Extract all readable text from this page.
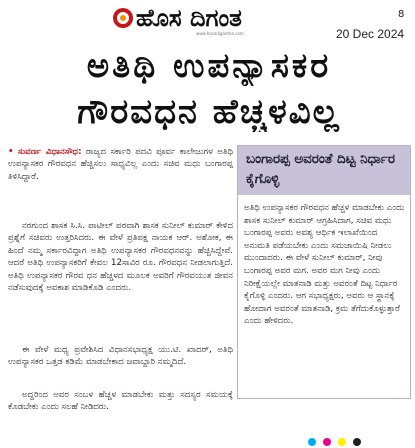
ಹೊಸ ದಿಗಂತ
www.hosadigantha.com
8
20 Dec 2024
ಅತಿಥಿ ಉಪನ್ಯಾಸಕರ
ಗೌರವಧನ ಹೆಚ್ಚಳವಿಲ್ಲ
• ಸುವರ್ಣ ವಿಧಾನಸೌಧ: ರಾಜ್ಯದ ಸರ್ಕಾರಿ ಪದವಿ ಪೂರ್ವ ಕಾಲೇಜುಗಳ ಅತಿಥಿ ಉಪನ್ಯಾಸಕರ ಗೌರವಧನ ಹೆಚ್ಚಿಸಲು ಸಾಧ್ಯವಿಲ್ಲ ಎಂದು ಸಚಿವ ಮಧು ಬಂಗಾರಪ್ಪ ತಿಳಿಸಿದ್ದಾರೆ.

ನರಗುಂದ ಶಾಸಕ ಸಿ.ಸಿ. ಪಾಟೀಲ್ ಪರವಾಗಿ ಶಾಸಕ ಸುನೀಲ್ ಕುಮಾರ್ ಕೇಳಿದ ಪ್ರಶ್ನೆಗೆ ಸಚಿವರು ಉತ್ತರಿಸಿದರು. ಈ ವೇಳೆ ಪ್ರತಿಪಕ್ಷ ನಾಯಕ ಆರ್. ಅಶೋಕ, ಈ ಹಿಂದೆ ನಮ್ಮ ಸರ್ಕಾರವಿದ್ದಾಗ ಅತಿಥಿ ಉಪನ್ಯಾಸಕರ ಗೌರವಧನವನ್ನು ಹೆಚ್ಚಿಸಿದ್ದೇವೆ. ಆದರೆ ಅತಿಥಿ ಉಪನ್ಯಾಸಕರಿಗೆ ಕೇವಲ 12ಸಾವಿರ ರೂ. ಗೌರವಧನ ನೀಡಲಾಗುತ್ತಿದೆ. ಅತಿಥಿ ಉಪನ್ಯಾಸಕರ ಗೌರವ ಧನ ಹೆಚ್ಚಳದ ಮೂಲಕ ಅವರಿಗೆ ಗೌರವಯುತ ಜೀವನ ನಡೆಸುವುದಕ್ಕೆ ಅವಕಾಶ ಮಾಡಿಕೊಡಿ ಎಂದರು.

ಈ ವೇಳೆ ಮಧ್ಯ ಪ್ರವೇಶಿಸಿದ ವಿಧಾನಸಭಾಧ್ಯಕ್ಷ ಯು.ಟಿ. ಖಾದರ್, ಅತಿಥಿ ಉಪನ್ಯಾಸಕರ ಒತ್ತಡ ಕಡಿಮೆ ಮಾಡಬೇಕಾದ ಜವಾಬ್ದಾರಿ ನಮ್ಮದಿದೆ.

ಅದ್ದರಿಂದ ಅವರ ಸಂಬಳ ಹೆಚ್ಚಳ ಮಾಡಬೇಕು ಮತ್ತು ಸದಸ್ಯರ ಸಮಯಕ್ಕೆ ಕೊಡಬೇಕು ಎಂದು ಸಲಹೆ ನೀಡಿದರು.

ಬಂಗಾರಪ್ಪ ಅವರಂತೆ ದಿಟ್ಟ ನಿರ್ಧಾರ ಕೈಗೊಳ್ಳಿ

ಅತಿಥಿ ಉಪನ್ಯಾಸಕರ ಗೌರವಧನ ಹೆಚ್ಚಳ ಮಾಡಬೇಕು ಎಂದು ಶಾಸಕ ಸುನೀಲ್ ಕುಮಾರ್ ಆಗ್ರಹಿಸಿದಾಗ, ಸಚಿವ ಮಧು ಬಂಗಾರಪ್ಪ ಅವರು ಅವಶ್ಯ ಆರ್ಥಿಕ ಇಲಾಖೆಯಿಂದ ಅನುಮತಿ ಪಡೆಯಬೇಕು ಎಂದು ಸಮಜಾಯಿಷಿ ನೀಡಲು ಮುಂದಾದರು. ಈ ವೇಳೆ ಸುನೀಲ್ ಕುಮಾರ್, ನೀವು ಬಂಗಾರಪ್ಪ ಅವರ ಮಗ. ಅವರ ಮಗ ನೀವು ಎಂದು ನಿರೀಕ್ಷೆಯಲ್ಲೇ ಮಾತನಾಡಿ ಮತ್ತು ಅವರಂತೆ ದಿಟ್ಟ ನಿರ್ಧಾರ ಕೈಗೊಳ್ಳಿ ಎಂದರು. ಆಗ ಸಭಾಧ್ಯಕ್ಷರು, ಅವರು ಆ ಸ್ಥಾನಕ್ಕೆ ಹೋದಾಗ ಅವರಂತೆ ಮಾತನಾಡಿ, ಕ್ರಮ ತೆಗೆದುಕೊಳ್ಳುತ್ತಾರೆ ಎಂದು ಹೇಳಿದರು.
